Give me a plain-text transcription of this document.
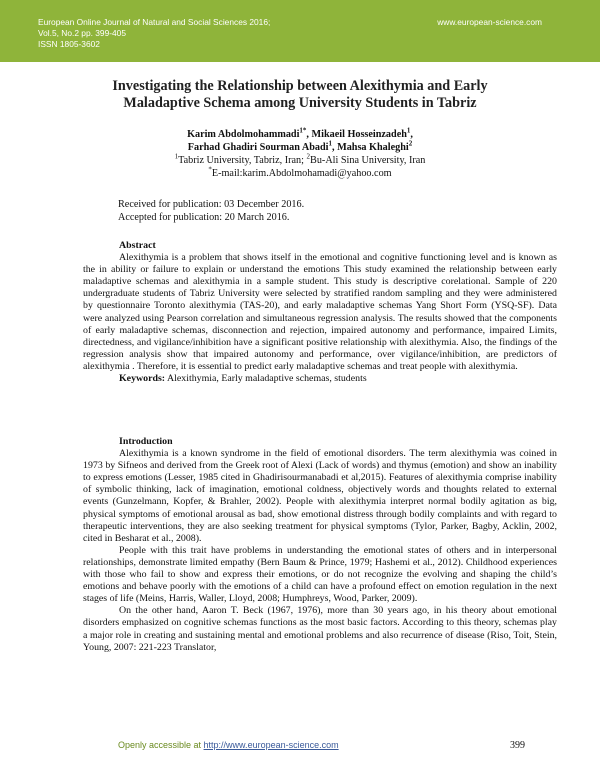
European Online Journal of Natural and Social Sciences 2016;
Vol.5, No.2 pp. 399-405
ISSN 1805-3602
www.european-science.com
Investigating the Relationship between Alexithymia and Early
Maladaptive Schema among University Students in Tabriz
Karim Abdolmohammadi$^{1*}$, Mikaeil Hosseinzadeh$^1$,
Farhad Ghadiri Sourman Abadi$^1$, Mahsa Khaleghi$^2$
$^1$Tabriz University, Tabriz, Iran; $^2$Bu-Ali Sina University, Iran
*E-mail:karim.Abdolmohamadi@yahoo.com
Received for publication: 03 December 2016.
Accepted for publication: 20 March 2016.
Abstract

Alexithymia is a problem that shows itself in the emotional and cognitive functioning level and is known as the in ability or failure to explain or understand the emotions This study examined the relationship between early maladaptive schemas and alexithymia in a sample student. This study is descriptive corelational. Sample of 220 undergraduate students of Tabriz University were selected by stratified random sampling and they were administered by questionnaire Toronto alexithymia (TAS-20), and early maladaptive schemas Yang Short Form (YSQ-SF). Data were analyzed using Pearson correlation and simultaneous regression analysis. The results showed that the components of early maladaptive schemas, disconnection and rejection, impaired autonomy and performance, impaired Limits, directedness, and vigilance/inhibition have a significant positive relationship with alexithymia. Also, the findings of the regression analysis show that impaired autonomy and performance, over vigilance/inhibition, are predictors of alexithymia . Therefore, it is essential to predict early maladaptive schemas and treat people with alexithymia.

Keywords: Alexithymia, Early maladaptive schemas, students

Introduction

Alexithymia is a known syndrome in the field of emotional disorders. The term alexithymia was coined in 1973 by Sifneos and derived from the Greek root of Alexi (Lack of words) and thymus (emotion) and show an inability to express emotions (Lesser, 1985 cited in Ghadirisourmanabadi et al,2015). Features of alexithymia comprise inability of symbolic thinking, lack of imagination, emotional coldness, objectively words and thoughts related to external events (Gunzelmann, Kopfer, & Brahler, 2002). People with alexithymia interpret normal bodily agitation as big, physical symptoms of emotional arousal as bad, show emotional distress through bodily complaints and with regard to therapeutic interventions, they are also seeking treatment for physical symptoms (Tylor, Parker, Bagby, Acklin, 2002, cited in Besharat et al., 2008).

People with this trait have problems in understanding the emotional states of others and in interpersonal relationships, demonstrate limited empathy (Bern Baum & Prince, 1979; Hashemi et al., 2012). Childhood experiences with those who fail to show and express their emotions, or do not recognize the evolving and shaping the child’s emotions and behave poorly with the emotions of a child can have a profound effect on emotion regulation in the next stages of life (Meins, Harris, Waller, Lloyd, 2008; Humphreys, Wood, Parker, 2009).

On the other hand, Aaron T. Beck (1967, 1976), more than 30 years ago, in his theory about emotional disorders emphasized on cognitive schemas functions as the most basic factors. According to this theory, schemas play a major role in creating and sustaining mental and emotional problems and also recurrence of disease (Riso, Toit, Stein, Young, 2007: 221-223 Translator,

Openly accessible at http://www.european-science.com	399
